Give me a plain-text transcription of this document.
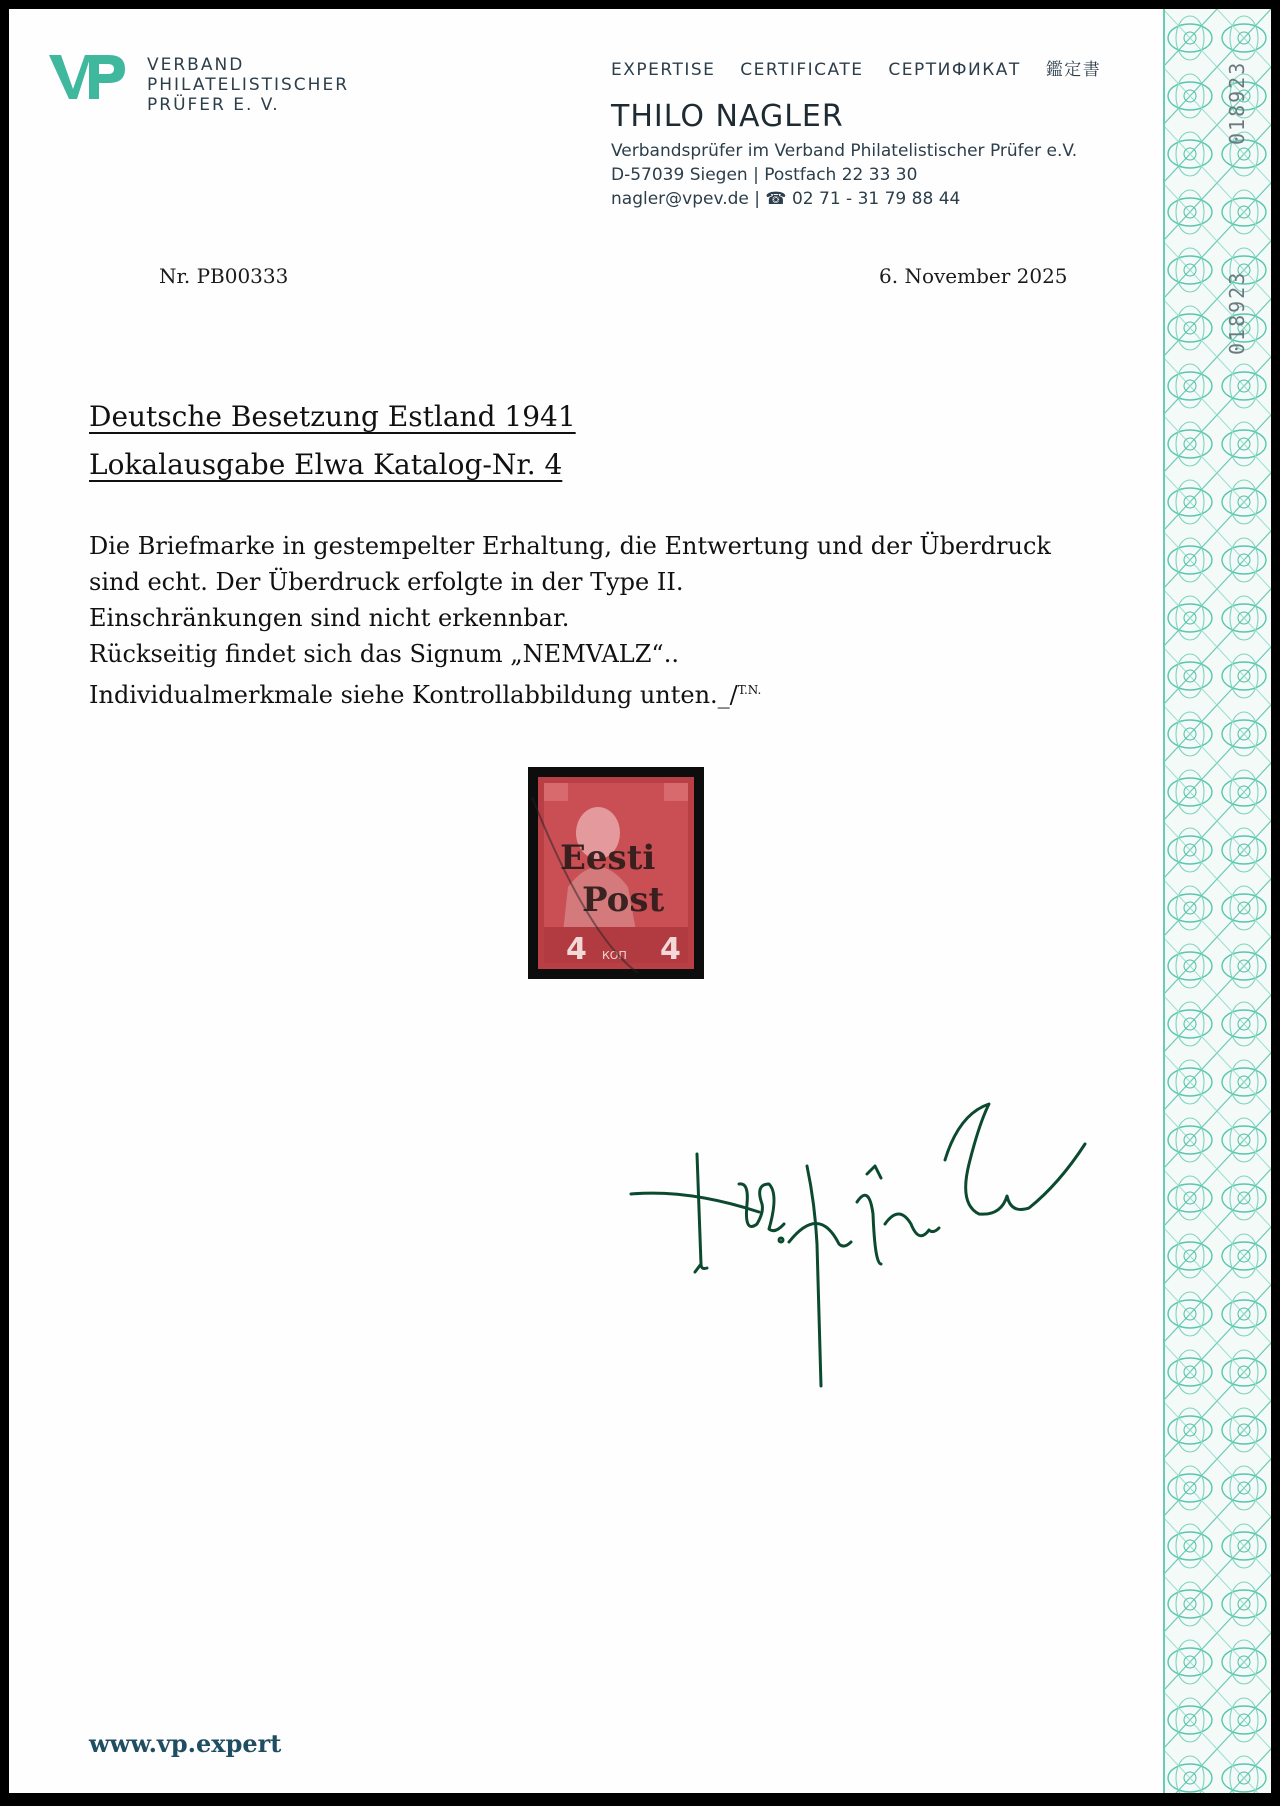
VERBAND
PHILATELISTISCHER
PRÜFER E. V.
EXPERTISE CERTIFICATE СЕРТИФИКАТ 鑑定書
THILO NAGLER
Verbandsprüfer im Verband Philatelistischer Prüfer e.V.
D-57039 Siegen | Postfach 22 33 30
nagler@vpev.de | ☎ 02 71 - 31 79 88 44
Nr. PB00333	6. November 2025
Deutsche Besetzung Estland 1941
Lokalausgabe Elwa Katalog-Nr. 4
Die Briefmarke in gestempelter Erhaltung, die Entwertung und der Überdruck
sind echt. Der Überdruck erfolgte in der Type II.
Einschränkungen sind nicht erkennbar.
Rückseitig findet sich das Signum „NEMVALZ“..
Individualmerkmale siehe Kontrollabbildung unten._/$^{T.N.}$
4 4
КОП
Eesti
Post
www.vp.expert
018923
018923
